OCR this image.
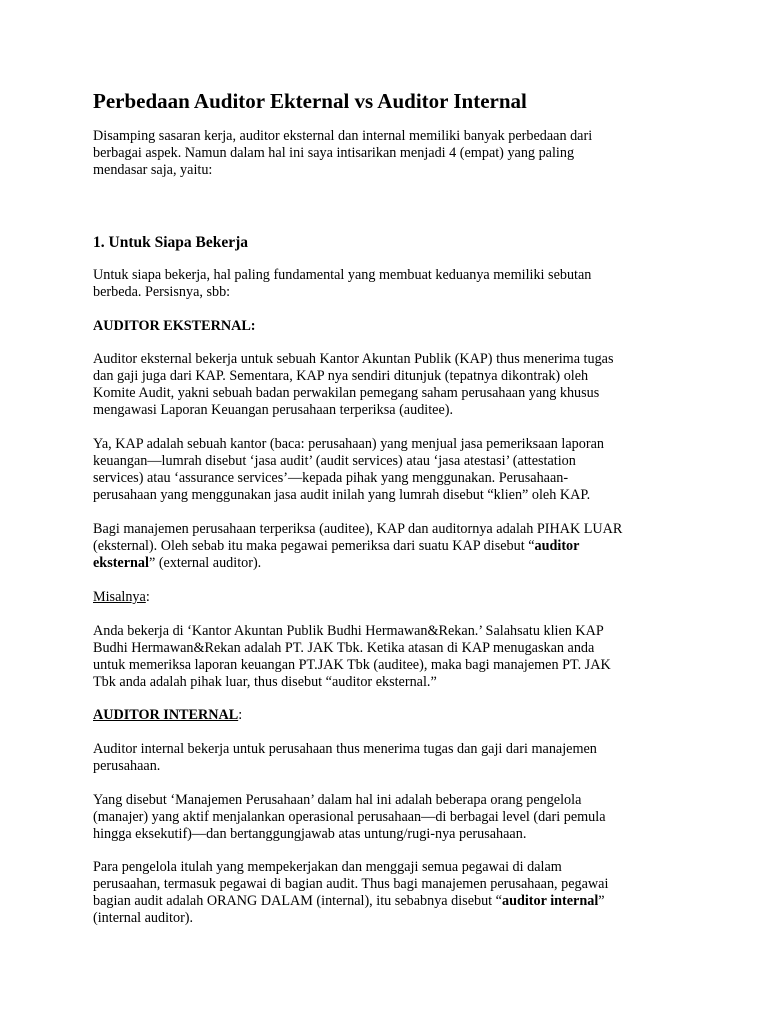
Perbedaan Auditor Ekternal vs Auditor Internal

Disamping sasaran kerja, auditor eksternal dan internal memiliki banyak perbedaan dari
berbagai aspek. Namun dalam hal ini saya intisarikan menjadi 4 (empat) yang paling
mendasar saja, yaitu:

1. Untuk Siapa Bekerja

Untuk siapa bekerja, hal paling fundamental yang membuat keduanya memiliki sebutan
berbeda. Persisnya, sbb:

AUDITOR EKSTERNAL:

Auditor eksternal bekerja untuk sebuah Kantor Akuntan Publik (KAP) thus menerima tugas
dan gaji juga dari KAP. Sementara, KAP nya sendiri ditunjuk (tepatnya dikontrak) oleh
Komite Audit, yakni sebuah badan perwakilan pemegang saham perusahaan yang khusus
mengawasi Laporan Keuangan perusahaan terperiksa (auditee).

Ya, KAP adalah sebuah kantor (baca: perusahaan) yang menjual jasa pemeriksaan laporan
keuangan—lumrah disebut ‘jasa audit’ (audit services) atau ‘jasa atestasi’ (attestation
services) atau ‘assurance services’—kepada pihak yang menggunakan. Perusahaan-
perusahaan yang menggunakan jasa audit inilah yang lumrah disebut “klien” oleh KAP.

Bagi manajemen perusahaan terperiksa (auditee), KAP dan auditornya adalah PIHAK LUAR
(eksternal). Oleh sebab itu maka pegawai pemeriksa dari suatu KAP disebut “auditor
eksternal” (external auditor).

Misalnya:

Anda bekerja di ‘Kantor Akuntan Publik Budhi Hermawan&Rekan.’ Salahsatu klien KAP
Budhi Hermawan&Rekan adalah PT. JAK Tbk. Ketika atasan di KAP menugaskan anda
untuk memeriksa laporan keuangan PT.JAK Tbk (auditee), maka bagi manajemen PT. JAK
Tbk anda adalah pihak luar, thus disebut “auditor eksternal.”

AUDITOR INTERNAL:

Auditor internal bekerja untuk perusahaan thus menerima tugas dan gaji dari manajemen
perusahaan.

Yang disebut ‘Manajemen Perusahaan’ dalam hal ini adalah beberapa orang pengelola
(manajer) yang aktif menjalankan operasional perusahaan—di berbagai level (dari pemula
hingga eksekutif)—dan bertanggungjawab atas untung/rugi-nya perusahaan.

Para pengelola itulah yang mempekerjakan dan menggaji semua pegawai di dalam
perusaahan, termasuk pegawai di bagian audit. Thus bagi manajemen perusahaan, pegawai
bagian audit adalah ORANG DALAM (internal), itu sebabnya disebut “auditor internal”
(internal auditor).
